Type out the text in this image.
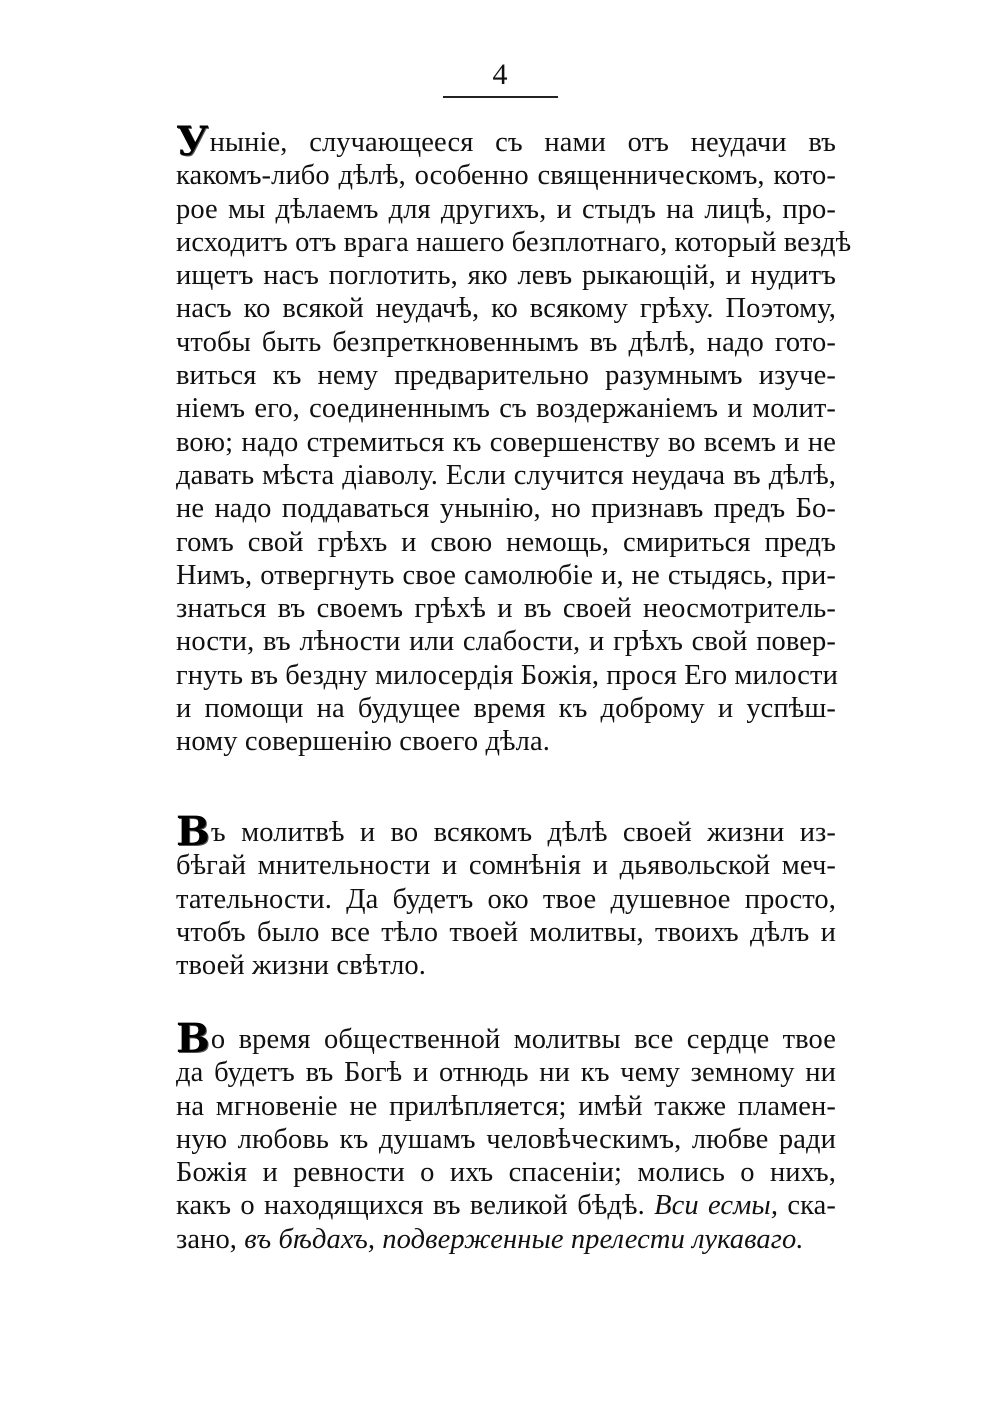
4
Уныніе, случающееся съ нами отъ неудачи въ
какомъ-либо дѣлѣ, особенно священническомъ, кото-
рое мы дѣлаемъ для другихъ, и стыдъ на лицѣ, про-
исходитъ отъ врага нашего безплотнаго, который вездѣ
ищетъ насъ поглотить, яко левъ рыкающій, и нудитъ
насъ ко всякой неудачѣ, ко всякому грѣху. Поэтому,
чтобы быть безпреткновеннымъ въ дѣлѣ, надо гото-
виться къ нему предварительно разумнымъ изуче-
ніемъ его, соединеннымъ съ воздержаніемъ и молит-
вою; надо стремиться къ совершенству во всемъ и не
давать мѣста діаволу. Если случится неудача въ дѣлѣ,
не надо поддаваться унынію, но признавъ предъ Бо-
гомъ свой грѣхъ и свою немощь, смириться предъ
Нимъ, отвергнуть свое самолюбіе и, не стыдясь, при-
знаться въ своемъ грѣхѣ и въ своей неосмотритель-
ности, въ лѣности или слабости, и грѣхъ свой повер-
гнуть въ бездну милосердія Божія, прося Его милости
и помощи на будущее время къ доброму и успѣш-
ному совершенію своего дѣла.
Въ молитвѣ и во всякомъ дѣлѣ своей жизни из-
бѣгай мнительности и сомнѣнія и дьявольской меч-
тательности. Да будетъ око твое душевное просто,
чтобъ было все тѣло твоей молитвы, твоихъ дѣлъ и
твоей жизни свѣтло.
Во время общественной молитвы все сердце твое
да будетъ въ Богѣ и отнюдь ни къ чему земному ни
на мгновеніе не прилѣпляется; имѣй также пламен-
ную любовь къ душамъ человѣческимъ, любве ради
Божія и ревности о ихъ спасеніи; молись о нихъ,
какъ о находящихся въ великой бѣдѣ. Вси есмы, ска-
зано, въ бѣдахъ, подверженные прелести лукаваго.
